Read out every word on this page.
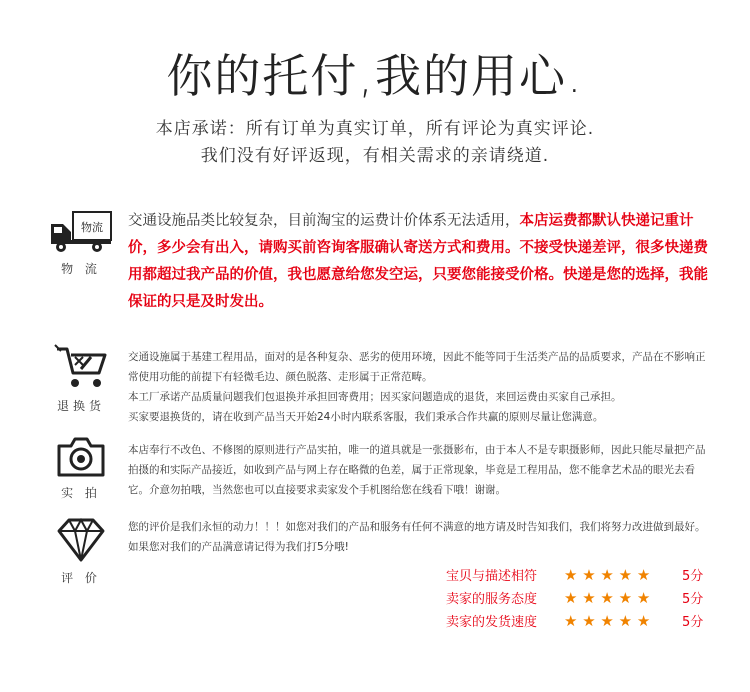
你的托付,我的用心.
本店承诺：所有订单为真实订单，所有评论为真实评论.
我们没有好评返现，有相关需求的亲请绕道.
物流
物 流
交通设施品类比较复杂，目前淘宝的运费计价体系无法适用，本店运费都默认快递记重计价，多少会有出入，请购买前咨询客服确认寄送方式和费用。不接受快递差评，很多快递费用都超过我产品的价值，我也愿意给您发空运，只要您能接受价格。快递是您的选择，我能保证的只是及时发出。
退换货
交通设施属于基建工程用品，面对的是各种复杂、恶劣的使用环境，因此不能等同于生活类产品的品质要求，产品在不影响正常使用功能的前提下有轻微毛边、颜色脱落、走形属于正常范畴。
本工厂承诺产品质量问题我们包退换并承担回寄费用；因买家问题造成的退货，来回运费由买家自己承担。
买家要退换货的，请在收到产品当天开始24小时内联系客服，我们秉承合作共赢的原则尽量让您满意。
实 拍
本店奉行不改色、不修图的原则进行产品实拍，唯一的道具就是一张摄影布，由于本人不是专职摄影师，因此只能尽量把产品拍摄的和实际产品接近，如收到产品与网上存在略微的色差，属于正常现象，毕竟是工程用品，您不能拿艺术品的眼光去看它。介意勿拍哦，当然您也可以直接要求卖家发个手机图给您在线看下哦！谢谢。
评 价
您的评价是我们永恒的动力！！！如您对我们的产品和服务有任何不满意的地方请及时告知我们，我们将努力改进做到最好。如果您对我们的产品满意请记得为我们打5分哦!
宝贝与描述相符	★ ★ ★ ★ ★	5分
卖家的服务态度	★ ★ ★ ★ ★	5分
卖家的发货速度	★ ★ ★ ★ ★	5分
